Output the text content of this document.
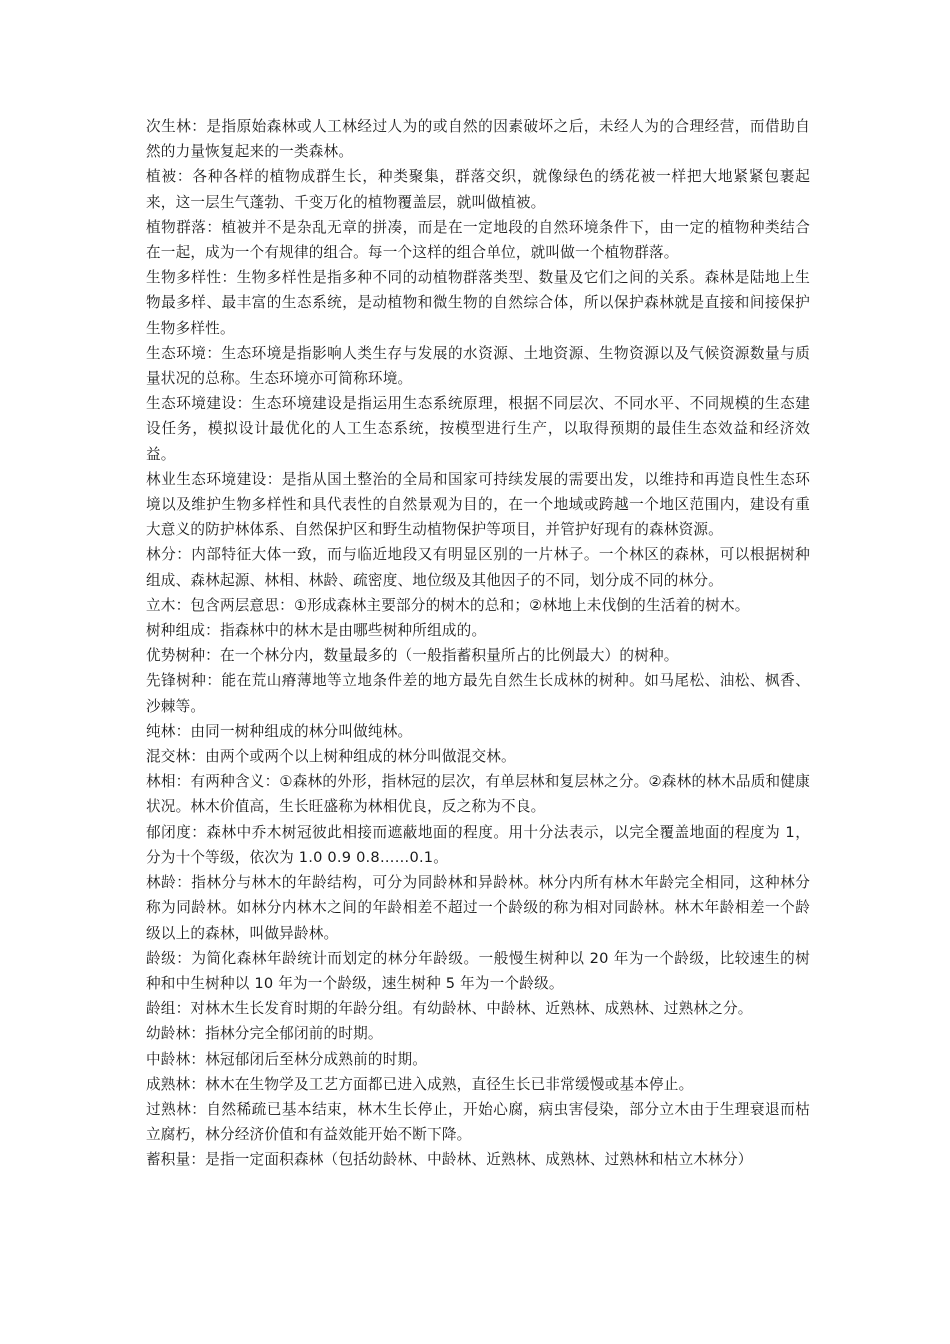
次生林：是指原始森林或人工林经过人为的或自然的因素破坏之后，未经人为的合理经营，而借助自然的力量恢复起来的一类森林。

植被：各种各样的植物成群生长，种类聚集，群落交织，就像绿色的绣花被一样把大地紧紧包裹起来，这一层生气蓬勃、千变万化的植物覆盖层，就叫做植被。

植物群落：植被并不是杂乱无章的拼凑，而是在一定地段的自然环境条件下，由一定的植物种类结合在一起，成为一个有规律的组合。每一个这样的组合单位，就叫做一个植物群落。

生物多样性：生物多样性是指多种不同的动植物群落类型、数量及它们之间的关系。森林是陆地上生物最多样、最丰富的生态系统，是动植物和微生物的自然综合体，所以保护森林就是直接和间接保护生物多样性。

生态环境：生态环境是指影响人类生存与发展的水资源、土地资源、生物资源以及气候资源数量与质量状况的总称。生态环境亦可简称环境。

生态环境建设：生态环境建设是指运用生态系统原理，根据不同层次、不同水平、不同规模的生态建设任务，模拟设计最优化的人工生态系统，按模型进行生产，以取得预期的最佳生态效益和经济效益。

林业生态环境建设：是指从国土整治的全局和国家可持续发展的需要出发，以维持和再造良性生态环境以及维护生物多样性和具代表性的自然景观为目的，在一个地域或跨越一个地区范围内，建设有重大意义的防护林体系、自然保护区和野生动植物保护等项目，并管护好现有的森林资源。

林分：内部特征大体一致，而与临近地段又有明显区别的一片林子。一个林区的森林，可以根据树种组成、森林起源、林相、林龄、疏密度、地位级及其他因子的不同，划分成不同的林分。

立木：包含两层意思：①形成森林主要部分的树木的总和；②林地上未伐倒的生活着的树木。

树种组成：指森林中的林木是由哪些树种所组成的。

优势树种：在一个林分内，数量最多的（一般指蓄积量所占的比例最大）的树种。

先锋树种：能在荒山瘠薄地等立地条件差的地方最先自然生长成林的树种。如马尾松、油松、枫香、沙棘等。

纯林：由同一树种组成的林分叫做纯林。

混交林：由两个或两个以上树种组成的林分叫做混交林。

林相：有两种含义：①森林的外形，指林冠的层次，有单层林和复层林之分。②森林的林木品质和健康状况。林木价值高，生长旺盛称为林相优良，反之称为不良。

郁闭度：森林中乔木树冠彼此相接而遮蔽地面的程度。用十分法表示，以完全覆盖地面的程度为 1，分为十个等级，依次为 1.0 0.9 0.8……0.1。

林龄：指林分与林木的年龄结构，可分为同龄林和异龄林。林分内所有林木年龄完全相同，这种林分称为同龄林。如林分内林木之间的年龄相差不超过一个龄级的称为相对同龄林。林木年龄相差一个龄级以上的森林，叫做异龄林。

龄级：为简化森林年龄统计而划定的林分年龄级。一般慢生树种以 20 年为一个龄级，比较速生的树种和中生树种以 10 年为一个龄级，速生树种 5 年为一个龄级。

龄组：对林木生长发育时期的年龄分组。有幼龄林、中龄林、近熟林、成熟林、过熟林之分。

幼龄林：指林分完全郁闭前的时期。

中龄林：林冠郁闭后至林分成熟前的时期。

成熟林：林木在生物学及工艺方面都已进入成熟，直径生长已非常缓慢或基本停止。

过熟林：自然稀疏已基本结束，林木生长停止，开始心腐，病虫害侵染，部分立木由于生理衰退而枯立腐朽，林分经济价值和有益效能开始不断下降。

蓄积量：是指一定面积森林（包括幼龄林、中龄林、近熟林、成熟林、过熟林和枯立木林分）
